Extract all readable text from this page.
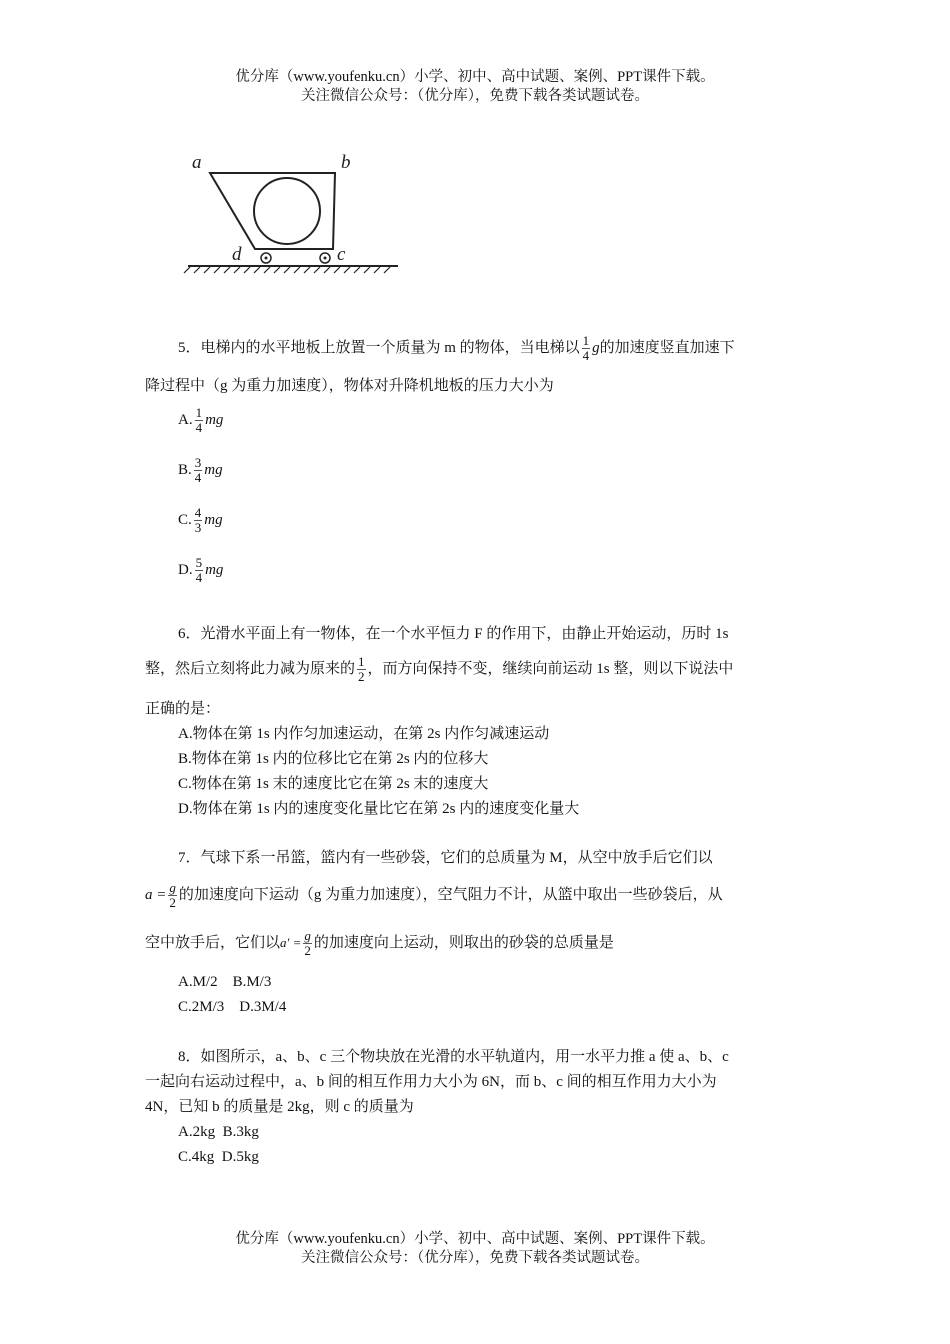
优分库（www.youfenku.cn）小学、初中、高中试题、案例、PPT课件下载。
关注微信公众号：（优分库），免费下载各类试题试卷。
a	b
c
d
5．电梯内的水平地板上放置一个质量为 m 的物体，当电梯以 $\frac{1}{4}$ g的加速度竖直加速下
降过程中（g 为重力加速度），物体对升降机地板的压力大小为
A. $\frac{1}{4}$ mg
B. $\frac{3}{4}$ mg
C. $\frac{4}{3}$ mg
D. $\frac{5}{4}$ mg
6．光滑水平面上有一物体，在一个水平恒力 F 的作用下，由静止开始运动，历时 1s
整，然后立刻将此力减为原来的 $\frac{1}{2}$ ，而方向保持不变，继续向前运动 1s 整，则以下说法中
正确的是：
A.物体在第 1s 内作匀加速运动，在第 2s 内作匀减速运动
B.物体在第 1s 内的位移比它在第 2s 内的位移大
C.物体在第 1s 末的速度比它在第 2s 末的速度大
D.物体在第 1s 内的速度变化量比它在第 2s 内的速度变化量大
7．气球下系一吊篮，篮内有一些砂袋，它们的总质量为 M，从空中放手后它们以
$a = \frac{g}{2}$ 的加速度向下运动（g 为重力加速度），空气阻力不计，从篮中取出一些砂袋后，从
空中放手后，它们以$a' = \frac{g}{2}$ 的加速度向上运动，则取出的砂袋的总质量是
A.M/2    B.M/3
C.2M/3    D.3M/4
8．如图所示，a、b、c 三个物块放在光滑的水平轨道内，用一水平力推 a 使 a、b、c
一起向右运动过程中，a、b 间的相互作用力大小为 6N，而 b、c 间的相互作用力大小为
4N，已知 b 的质量是 2kg，则 c 的质量为
A.2kg  B.3kg
C.4kg  D.5kg
优分库（www.youfenku.cn）小学、初中、高中试题、案例、PPT课件下载。
关注微信公众号：（优分库），免费下载各类试题试卷。
